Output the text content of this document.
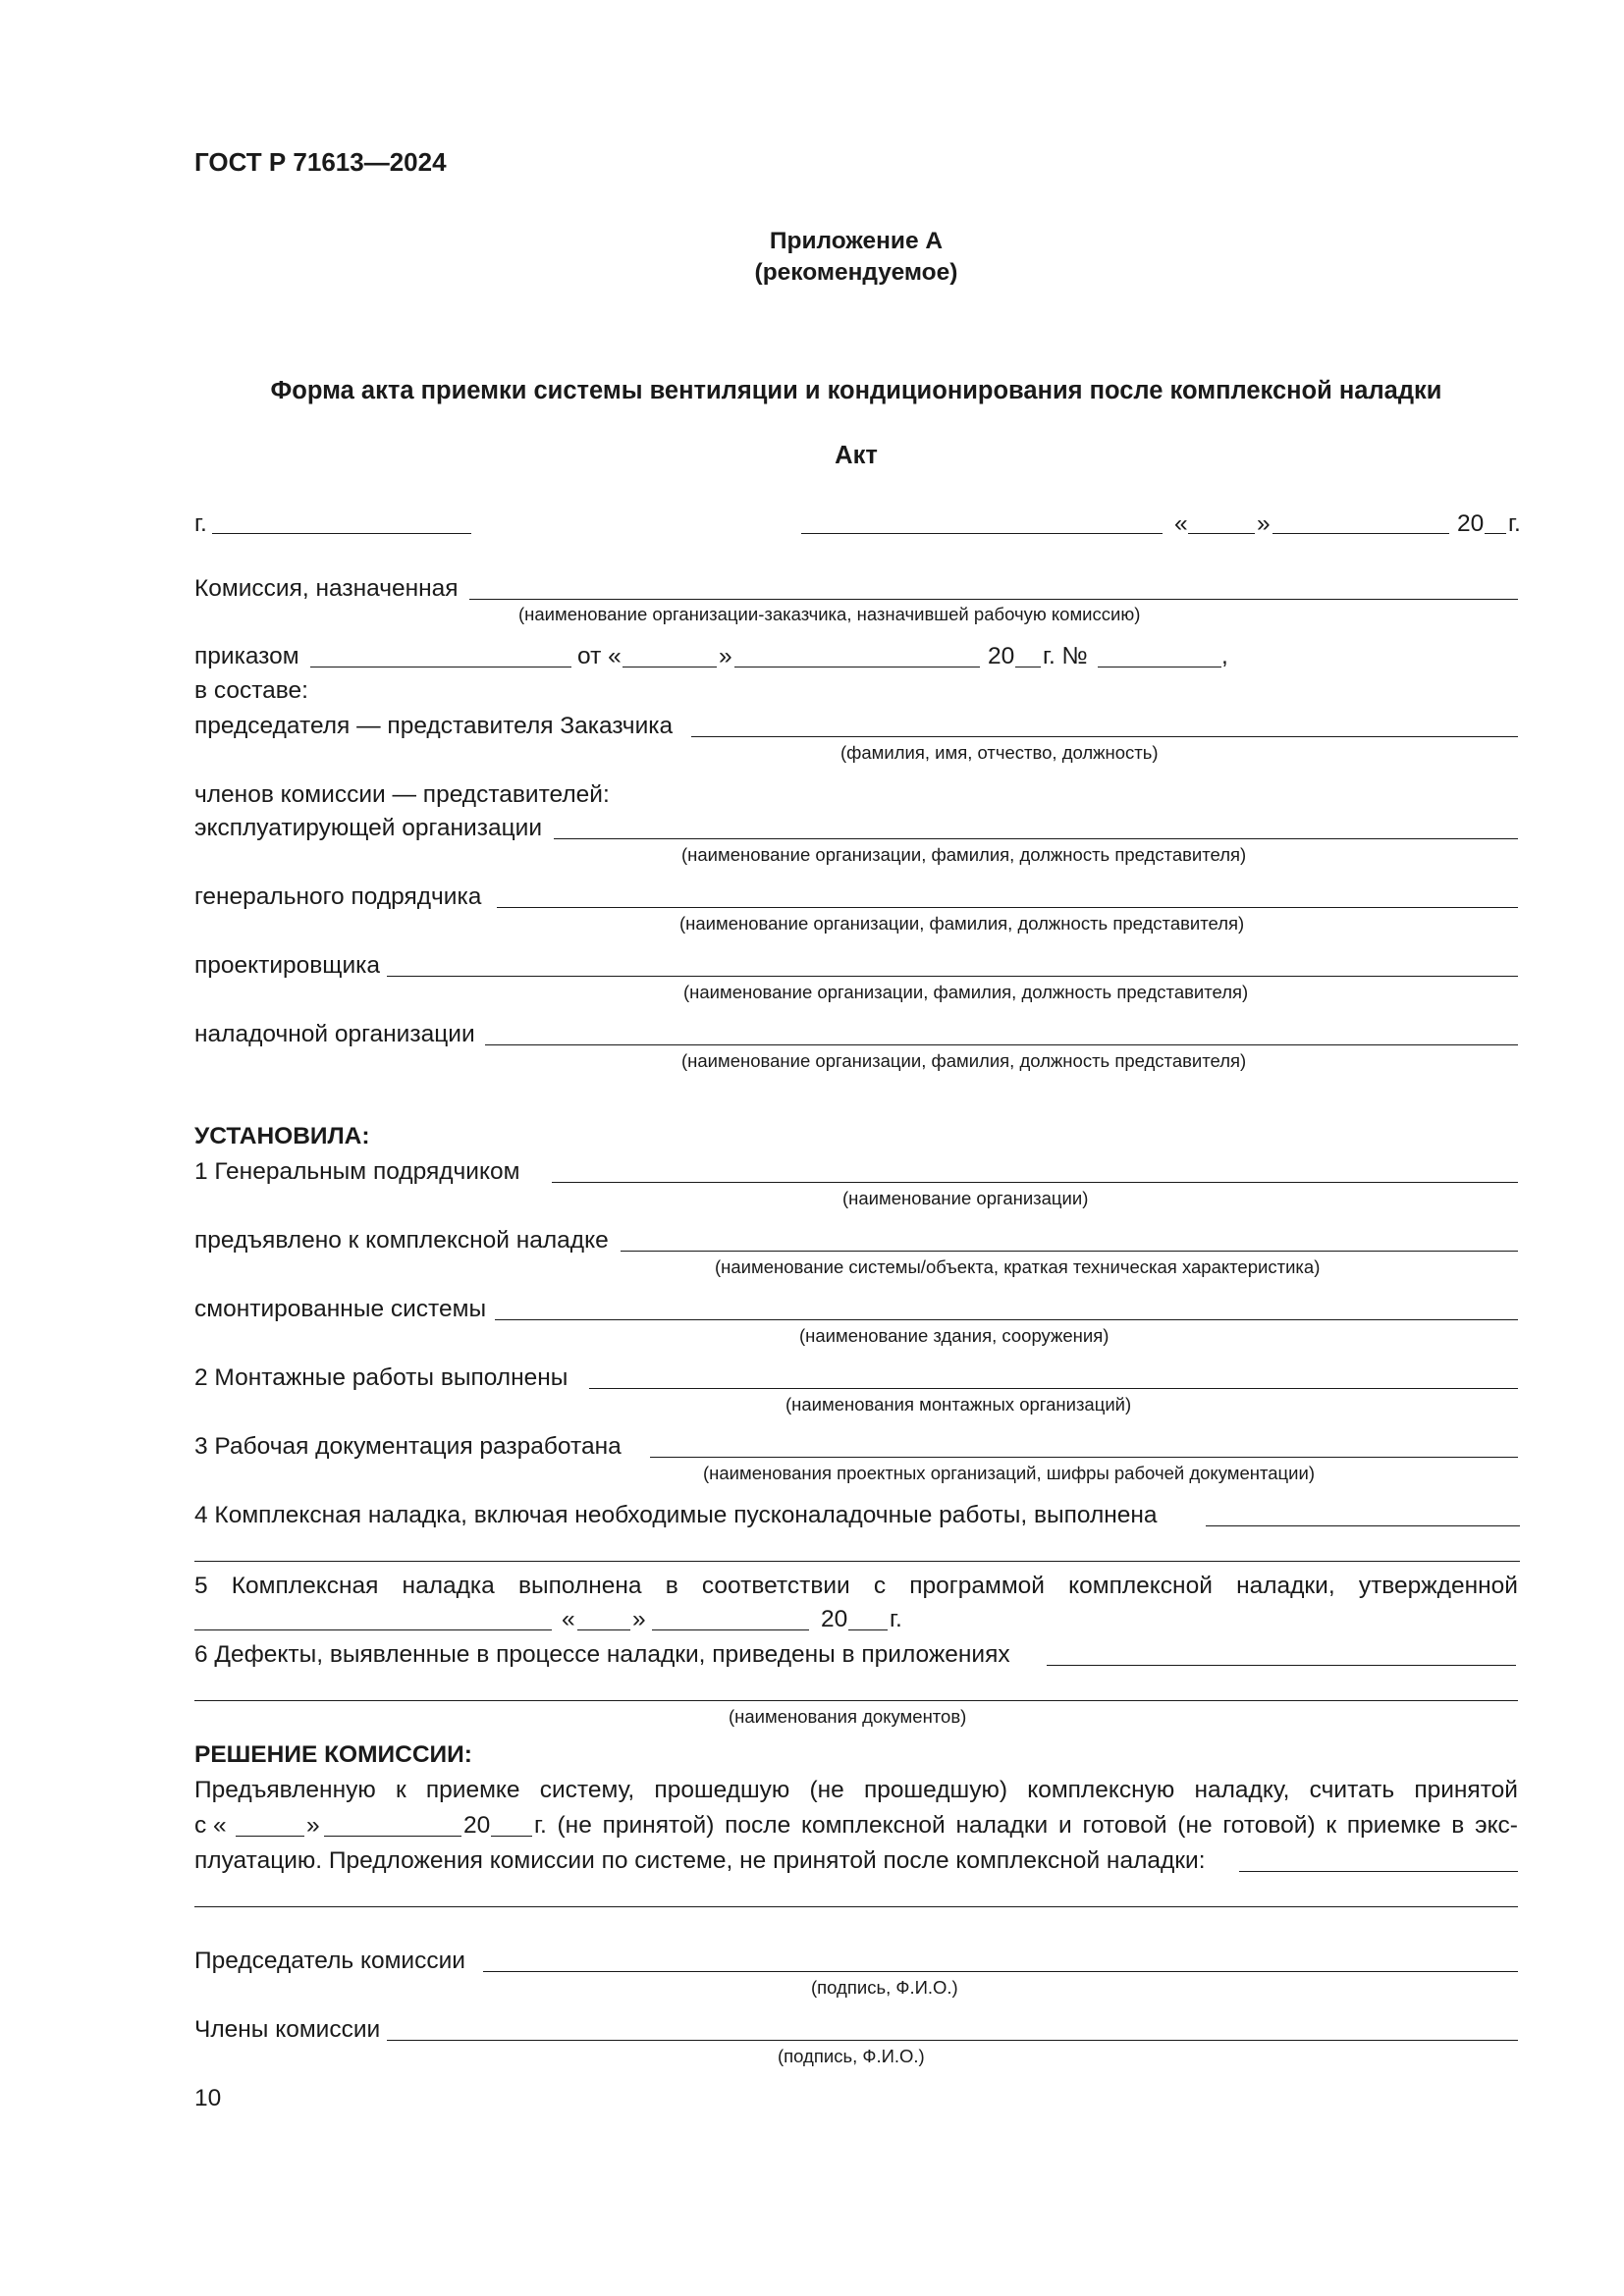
ГОСТ Р 71613—2024
Приложение А
(рекомендуемое)
Форма акта приемки системы вентиляции и кондиционирования после комплексной наладки
Акт
г.	«	»	20 г.
Комиссия, назначенная
(наименование организации-заказчика, назначившей рабочую комиссию)
приказом	от «	»	20 г. №	,
в составе:
председателя — представителя Заказчика
(фамилия, имя, отчество, должность)
членов комиссии — представителей:
эксплуатирующей организации
(наименование организации, фамилия, должность представителя)
генерального подрядчика
(наименование организации, фамилия, должность представителя)
проектировщика
(наименование организации, фамилия, должность представителя)
наладочной организации
(наименование организации, фамилия, должность представителя)
УСТАНОВИЛА:
1 Генеральным подрядчиком
(наименование организации)
предъявлено к комплексной наладке
(наименование системы/объекта, краткая техническая характеристика)
смонтированные системы
(наименование здания, сооружения)
2 Монтажные работы выполнены
(наименования монтажных организаций)
3 Рабочая документация разработана
(наименования проектных организаций, шифры рабочей документации)
4 Комплексная наладка, включая необходимые пусконаладочные работы, выполнена
5 Комплексная наладка выполнена в соответствии с программой комплексной наладки, утвержденной
« »	20 г.
6 Дефекты, выявленные в процессе наладки, приведены в приложениях
(наименования документов)
РЕШЕНИЕ КОМИССИИ:
Предъявленную к приемке систему, прошедшую (не прошедшую) комплексную наладку, считать принятой
с «	»	20 г. (не принятой) после комплексной наладки и готовой (не готовой) к приемке в экс-
плуатацию. Предложения комиссии по системе, не принятой после комплексной наладки:
Председатель комиссии
(подпись, Ф.И.О.)
Члены комиссии
(подпись, Ф.И.О.)
10
